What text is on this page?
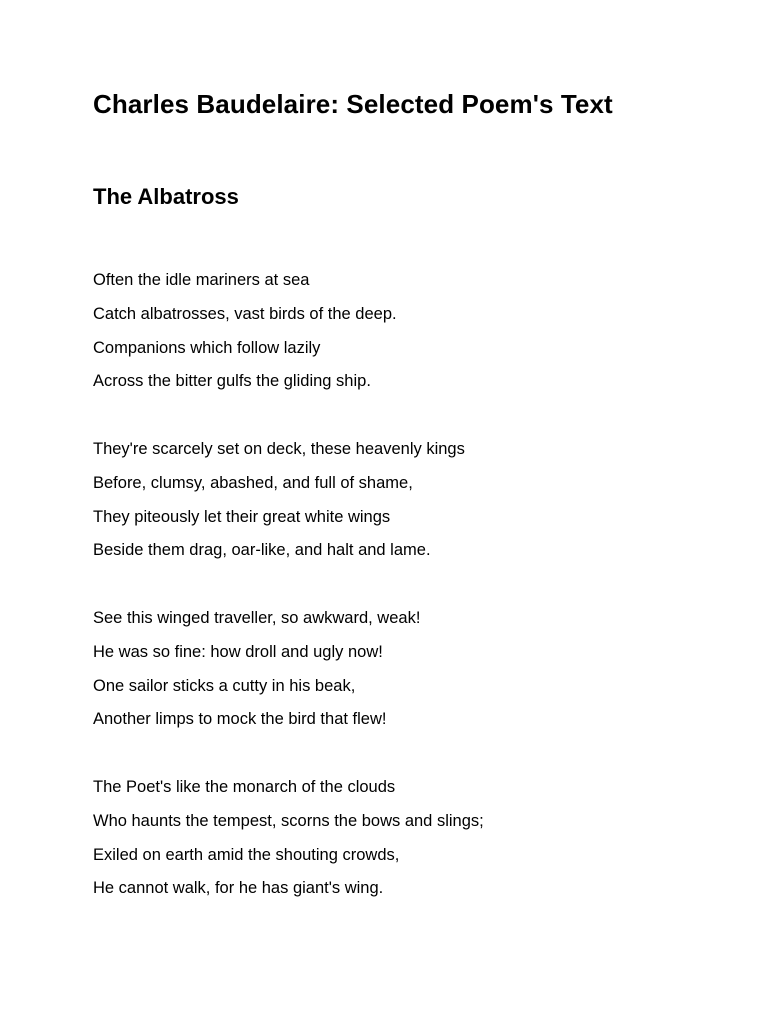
Charles Baudelaire: Selected Poem's Text
The Albatross
Often the idle mariners at sea
Catch albatrosses, vast birds of the deep.
Companions which follow lazily
Across the bitter gulfs the gliding ship.
They're scarcely set on deck, these heavenly kings
Before, clumsy, abashed, and full of shame,
They piteously let their great white wings
Beside them drag, oar-like, and halt and lame.
See this winged traveller, so awkward, weak!
He was so fine: how droll and ugly now!
One sailor sticks a cutty in his beak,
Another limps to mock the bird that flew!
The Poet's like the monarch of the clouds
Who haunts the tempest, scorns the bows and slings;
Exiled on earth amid the shouting crowds,
He cannot walk, for he has giant's wing.
